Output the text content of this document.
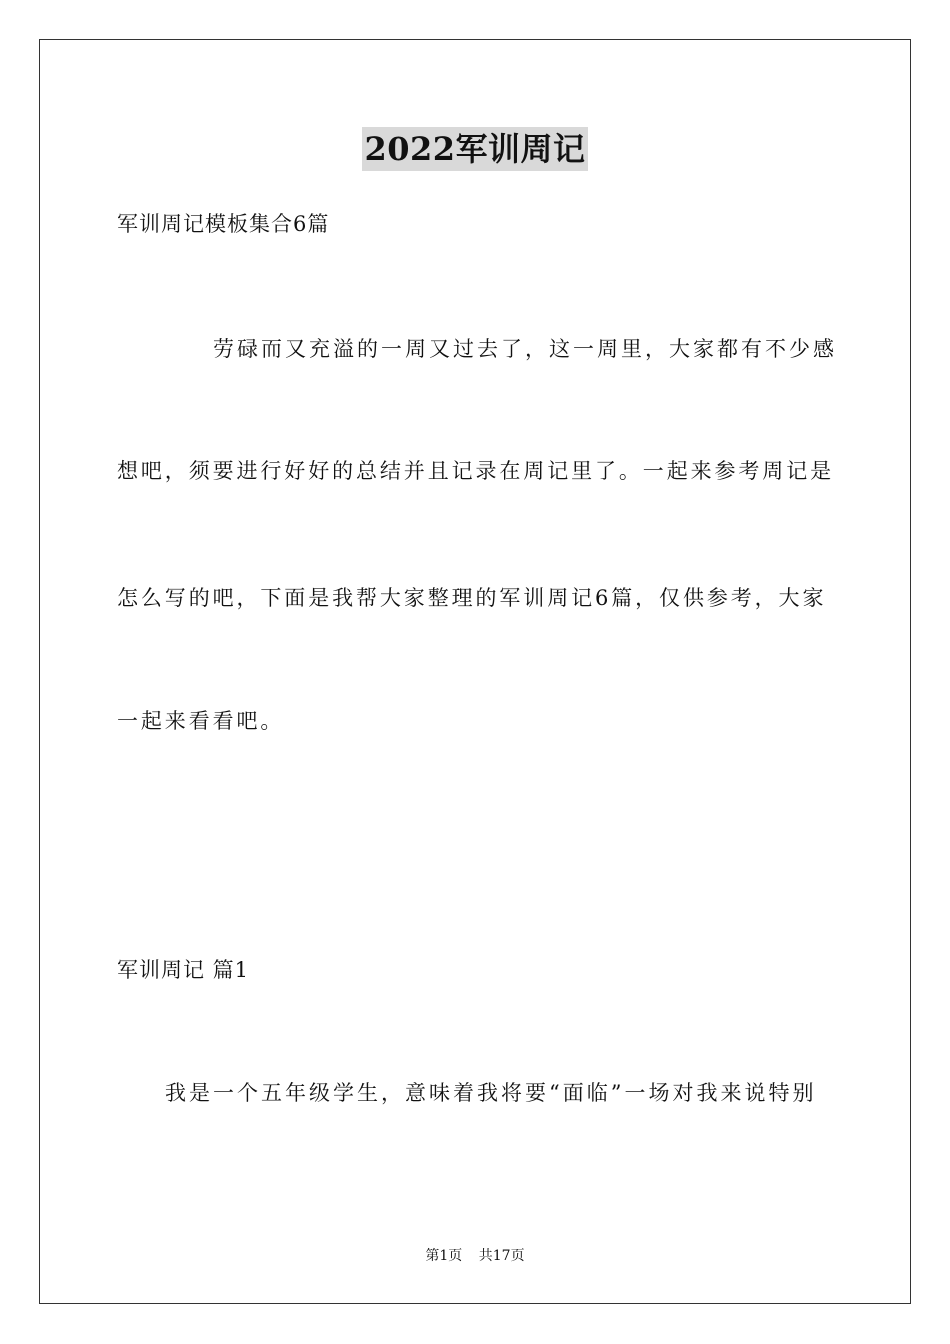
2022军训周记
军训周记模板集合6篇
劳碌而又充溢的一周又过去了，这一周里，大家都有不少感
想吧，须要进行好好的总结并且记录在周记里了。一起来参考周记是
怎么写的吧，下面是我帮大家整理的军训周记6篇，仅供参考，大家
一起来看看吧。
军训周记 篇1
我是一个五年级学生，意味着我将要“面临”一场对我来说特别
第1页 共17页
